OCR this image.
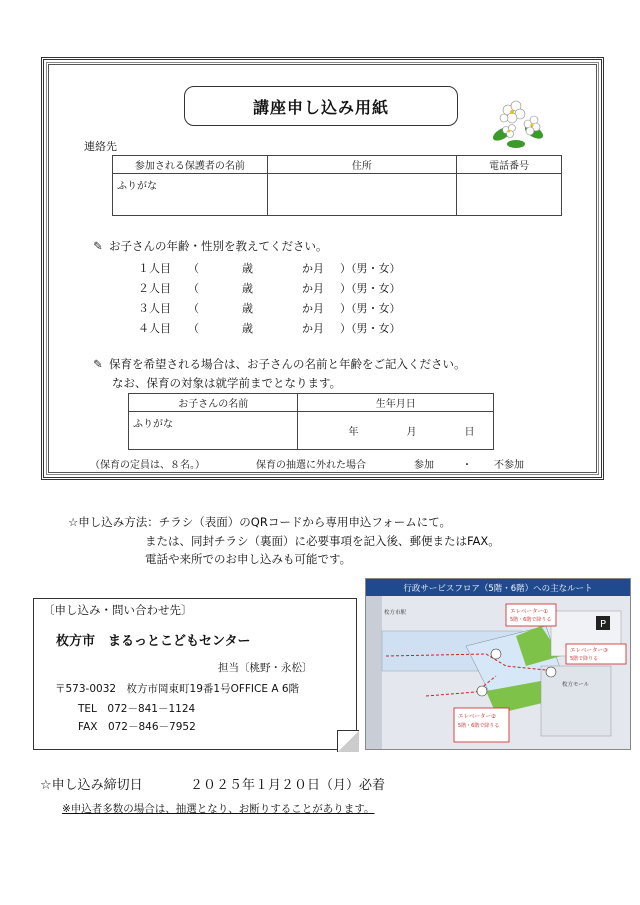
講座申し込み用紙
連絡先
参加される保護者の名前	住所	電話番号
ふりがな		
✎ お子さんの年齢・性別を教えてください。
１人目 （	歳	か月 ）（男・女）
２人目 （	歳	か月 ）（男・女）
３人目 （	歳	か月 ）（男・女）
４人目 （	歳	か月 ）（男・女）
✎ 保育を希望される場合は、お子さんの名前と年齢をご記入ください。
なお、保育の対象は就学前までとなります。
お子さんの名前	生年月日
ふりがな	年 月 日
（保育の定員は、８名。）	保育の抽選に外れた場合	参加	・ 不参加
☆申し込み方法：チラシ（表面）のQRコードから専用申込フォームにて。
または、同封チラシ（裏面）に必要事項を記入後、郵便またはFAX。
電話や来所でのお申し込みも可能です。
〔申し込み・問い合わせ先〕
枚方市　まるっとこどもセンター
担当〔桃野・永松〕
〒573-0032　枚方市岡東町19番1号OFFICE A 6階
TEL　072－841－1124
FAX　072－846－7952
行政サービスフロア（5階・6階）への主なルート
P
エレベーター①
5階・6階で降りる
エレベーター③
5階で降りる
エレベーター②
5階・6階で降りる
枚方市駅
枚方モール
☆申し込み締切日	２０２５年１月２０日（月）必着
※申込者多数の場合は、抽選となり、お断りすることがあります。
